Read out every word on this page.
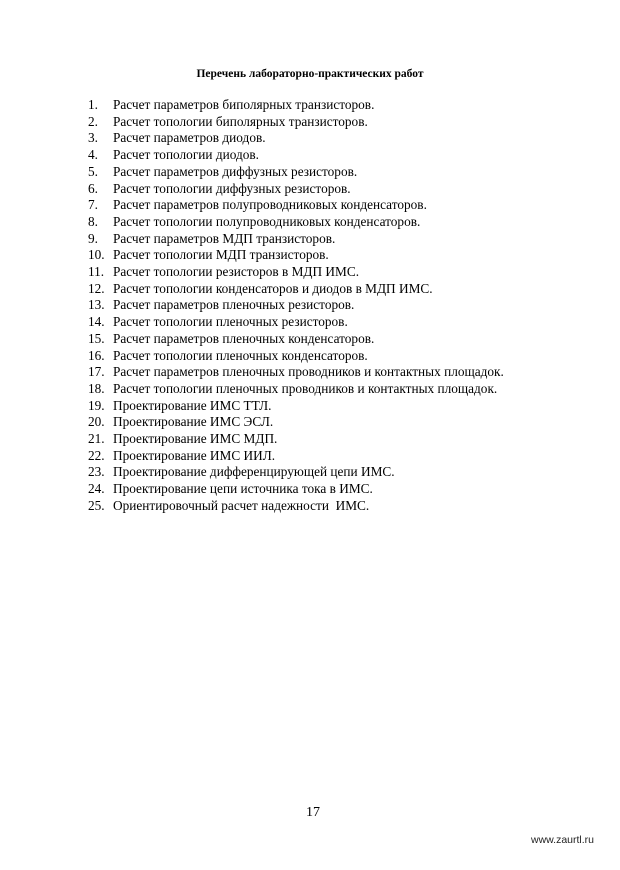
Перечень лабораторно-практических работ
1.	Расчет параметров биполярных транзисторов.
2.	Расчет топологии биполярных транзисторов.
3.	Расчет параметров диодов.
4.	Расчет топологии диодов.
5.	Расчет параметров диффузных резисторов.
6.	Расчет топологии диффузных резисторов.
7.	Расчет параметров полупроводниковых конденсаторов.
8.	Расчет топологии полупроводниковых конденсаторов.
9.	Расчет параметров МДП транзисторов.
10. Расчет топологии МДП транзисторов.
11. Расчет топологии резисторов в МДП ИМС.
12. Расчет топологии конденсаторов и диодов в МДП ИМС.
13. Расчет параметров пленочных резисторов.
14. Расчет топологии пленочных резисторов.
15. Расчет параметров пленочных конденсаторов.
16. Расчет топологии пленочных конденсаторов.
17. Расчет параметров пленочных проводников и контактных площадок.
18. Расчет топологии пленочных проводников и контактных площадок.
19. Проектирование ИМС ТТЛ.
20. Проектирование ИМС ЭСЛ.
21. Проектирование ИМС МДП.
22. Проектирование ИМС ИИЛ.
23. Проектирование дифференцирующей цепи ИМС.
24. Проектирование цепи источника тока в ИМС.
25. Ориентировочный расчет надежности  ИМС.
17
www.zaurtl.ru
